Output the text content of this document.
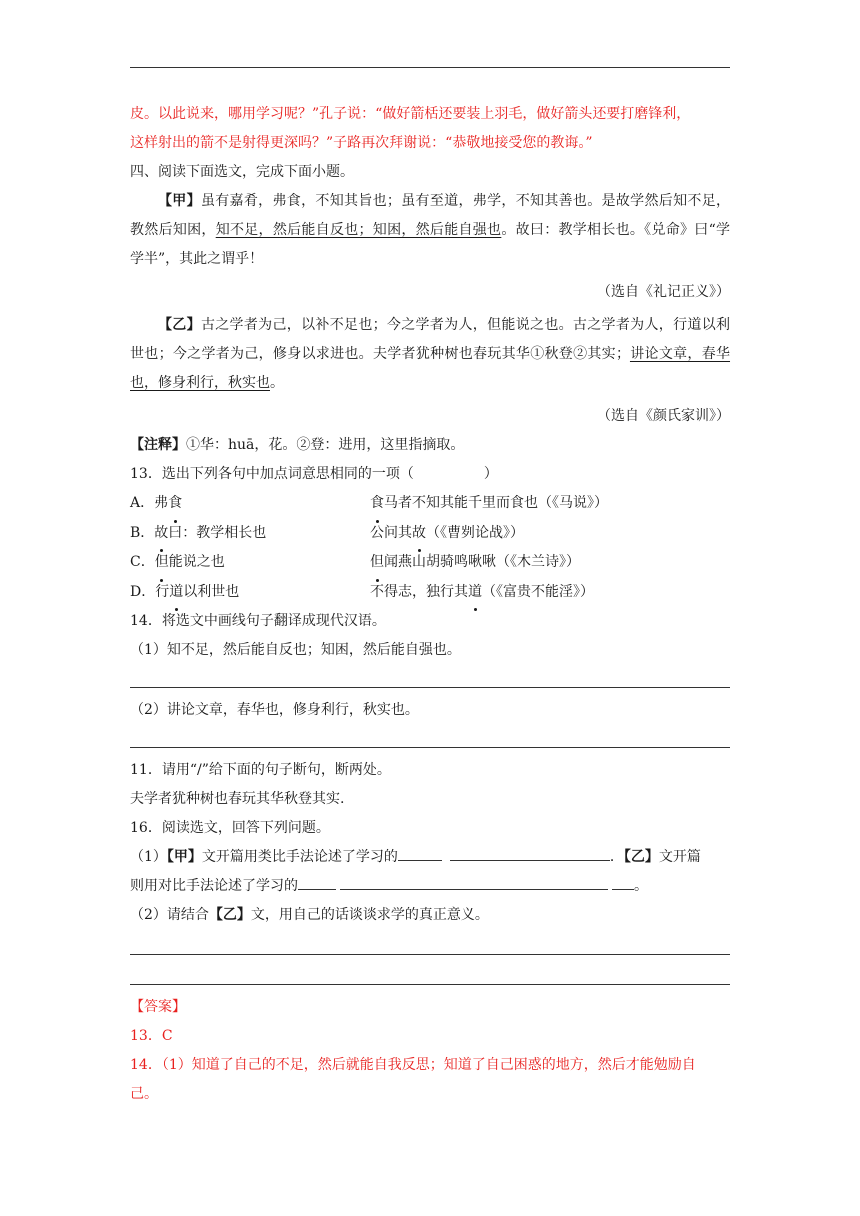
皮。以此说来，哪用学习呢？”孔子说：“做好箭栝还要装上羽毛，做好箭头还要打磨锋利，
这样射出的箭不是射得更深吗？”子路再次拜谢说：“恭敬地接受您的教诲。”
四、阅读下面选文，完成下面小题。
【甲】虽有嘉肴，弗食，不知其旨也；虽有至道，弗学，不知其善也。是故学然后知不足，教然后知困，知不足，然后能自反也；知困，然后能自强也。故曰：教学相长也。《兑命》曰“学学半”，其此之谓乎！
（选自《礼记正义》）
【乙】古之学者为己，以补不足也；今之学者为人，但能说之也。古之学者为人，行道以利世也；今之学者为己，修身以求进也。夫学者犹种树也春玩其华①秋登②其实；讲论文章，春华也，修身利行，秋实也。
（选自《颜氏家训》）
【注释】①华：huā，花。②登：进用，这里指摘取。
13．选出下列各句中加点词意思相同的一项（	）
A．弗食	食马者不知其能千里而食也（《马说》）
B．故曰：教学相长也	公问其故（《曹刿论战》）
C．但能说之也	但闻燕山胡骑鸣啾啾（《木兰诗》）
D．行道以利世也	不得志，独行其道（《富贵不能淫》）
14．将选文中画线句子翻译成现代汉语。
（1）知不足，然后能自反也；知困，然后能自强也。
（2）讲论文章，春华也，修身利行，秋实也。
11．请用“/”给下面的句子断句，断两处。
夫学者犹种树也春玩其华秋登其实.
16．阅读选文，回答下列问题。
（1）【甲】文开篇用类比手法论述了学习的	．【乙】文开篇
则用对比手法论述了学习的	。
（2）请结合【乙】文，用自己的话谈谈求学的真正意义。
【答案】
13．C
14．（1）知道了自己的不足，然后就能自我反思；知道了自己困惑的地方，然后才能勉励自
己。
